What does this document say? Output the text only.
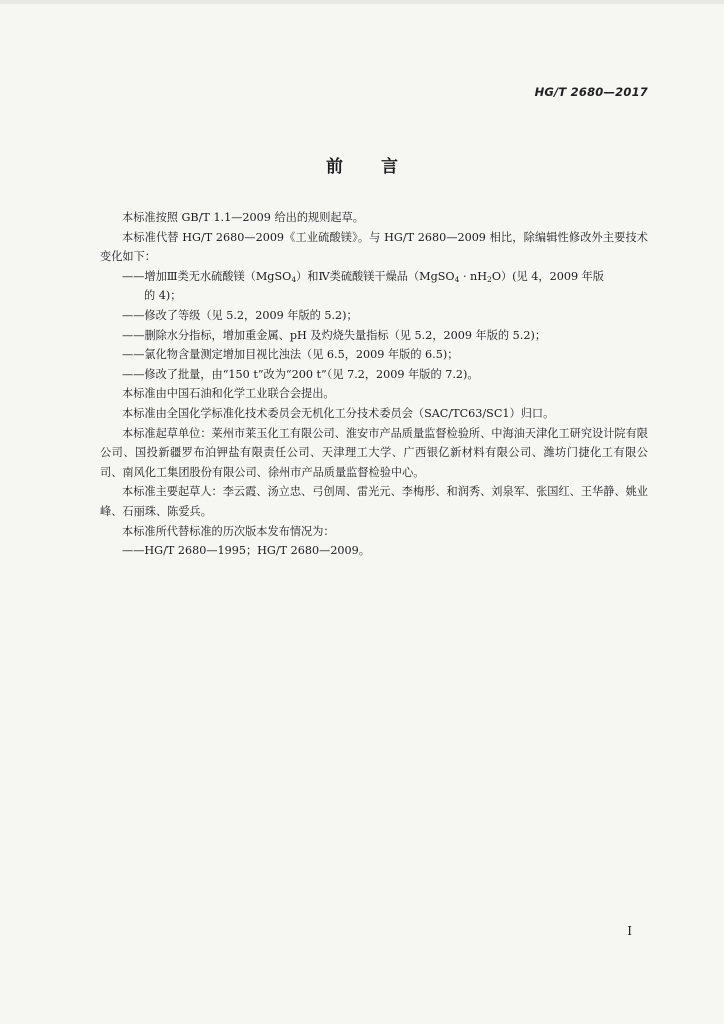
HG/T 2680—2017
前言

本标准按照 GB/T 1.1—2009 给出的规则起草。

本标准代替 HG/T 2680—2009《工业硫酸镁》。与 HG/T 2680—2009 相比，除编辑性修改外主要技术变化如下：

——增加Ⅲ类无水硫酸镁（MgSO$_4$）和Ⅳ类硫酸镁干燥品（MgSO$_4$ · $nH_2O$）(见 4，2009 年版

的 4)；

——修改了等级（见 5.2，2009 年版的 5.2)；

——删除水分指标，增加重金属、pH 及灼烧失量指标（见 5.2，2009 年版的 5.2)；

——氯化物含量测定增加目视比浊法（见 6.5，2009 年版的 6.5)；

——修改了批量，由“150 t”改为“200 t”（见 7.2，2009 年版的 7.2)。

本标准由中国石油和化学工业联合会提出。

本标准由全国化学标准化技术委员会无机化工分技术委员会（SAC/TC63/SC1）归口。

本标准起草单位：莱州市莱玉化工有限公司、淮安市产品质量监督检验所、中海油天津化工研究设计院有限公司、国投新疆罗布泊钾盐有限责任公司、天津理工大学、广西银亿新材料有限公司、潍坊门捷化工有限公司、南风化工集团股份有限公司、徐州市产品质量监督检验中心。

本标准主要起草人：李云霞、汤立忠、弓创周、雷光元、李梅彤、和润秀、刘泉军、张国红、王华静、姚业峰、石丽珠、陈爱兵。

本标准所代替标准的历次版本发布情况为：

——HG/T 2680—1995；HG/T 2680—2009。

I
